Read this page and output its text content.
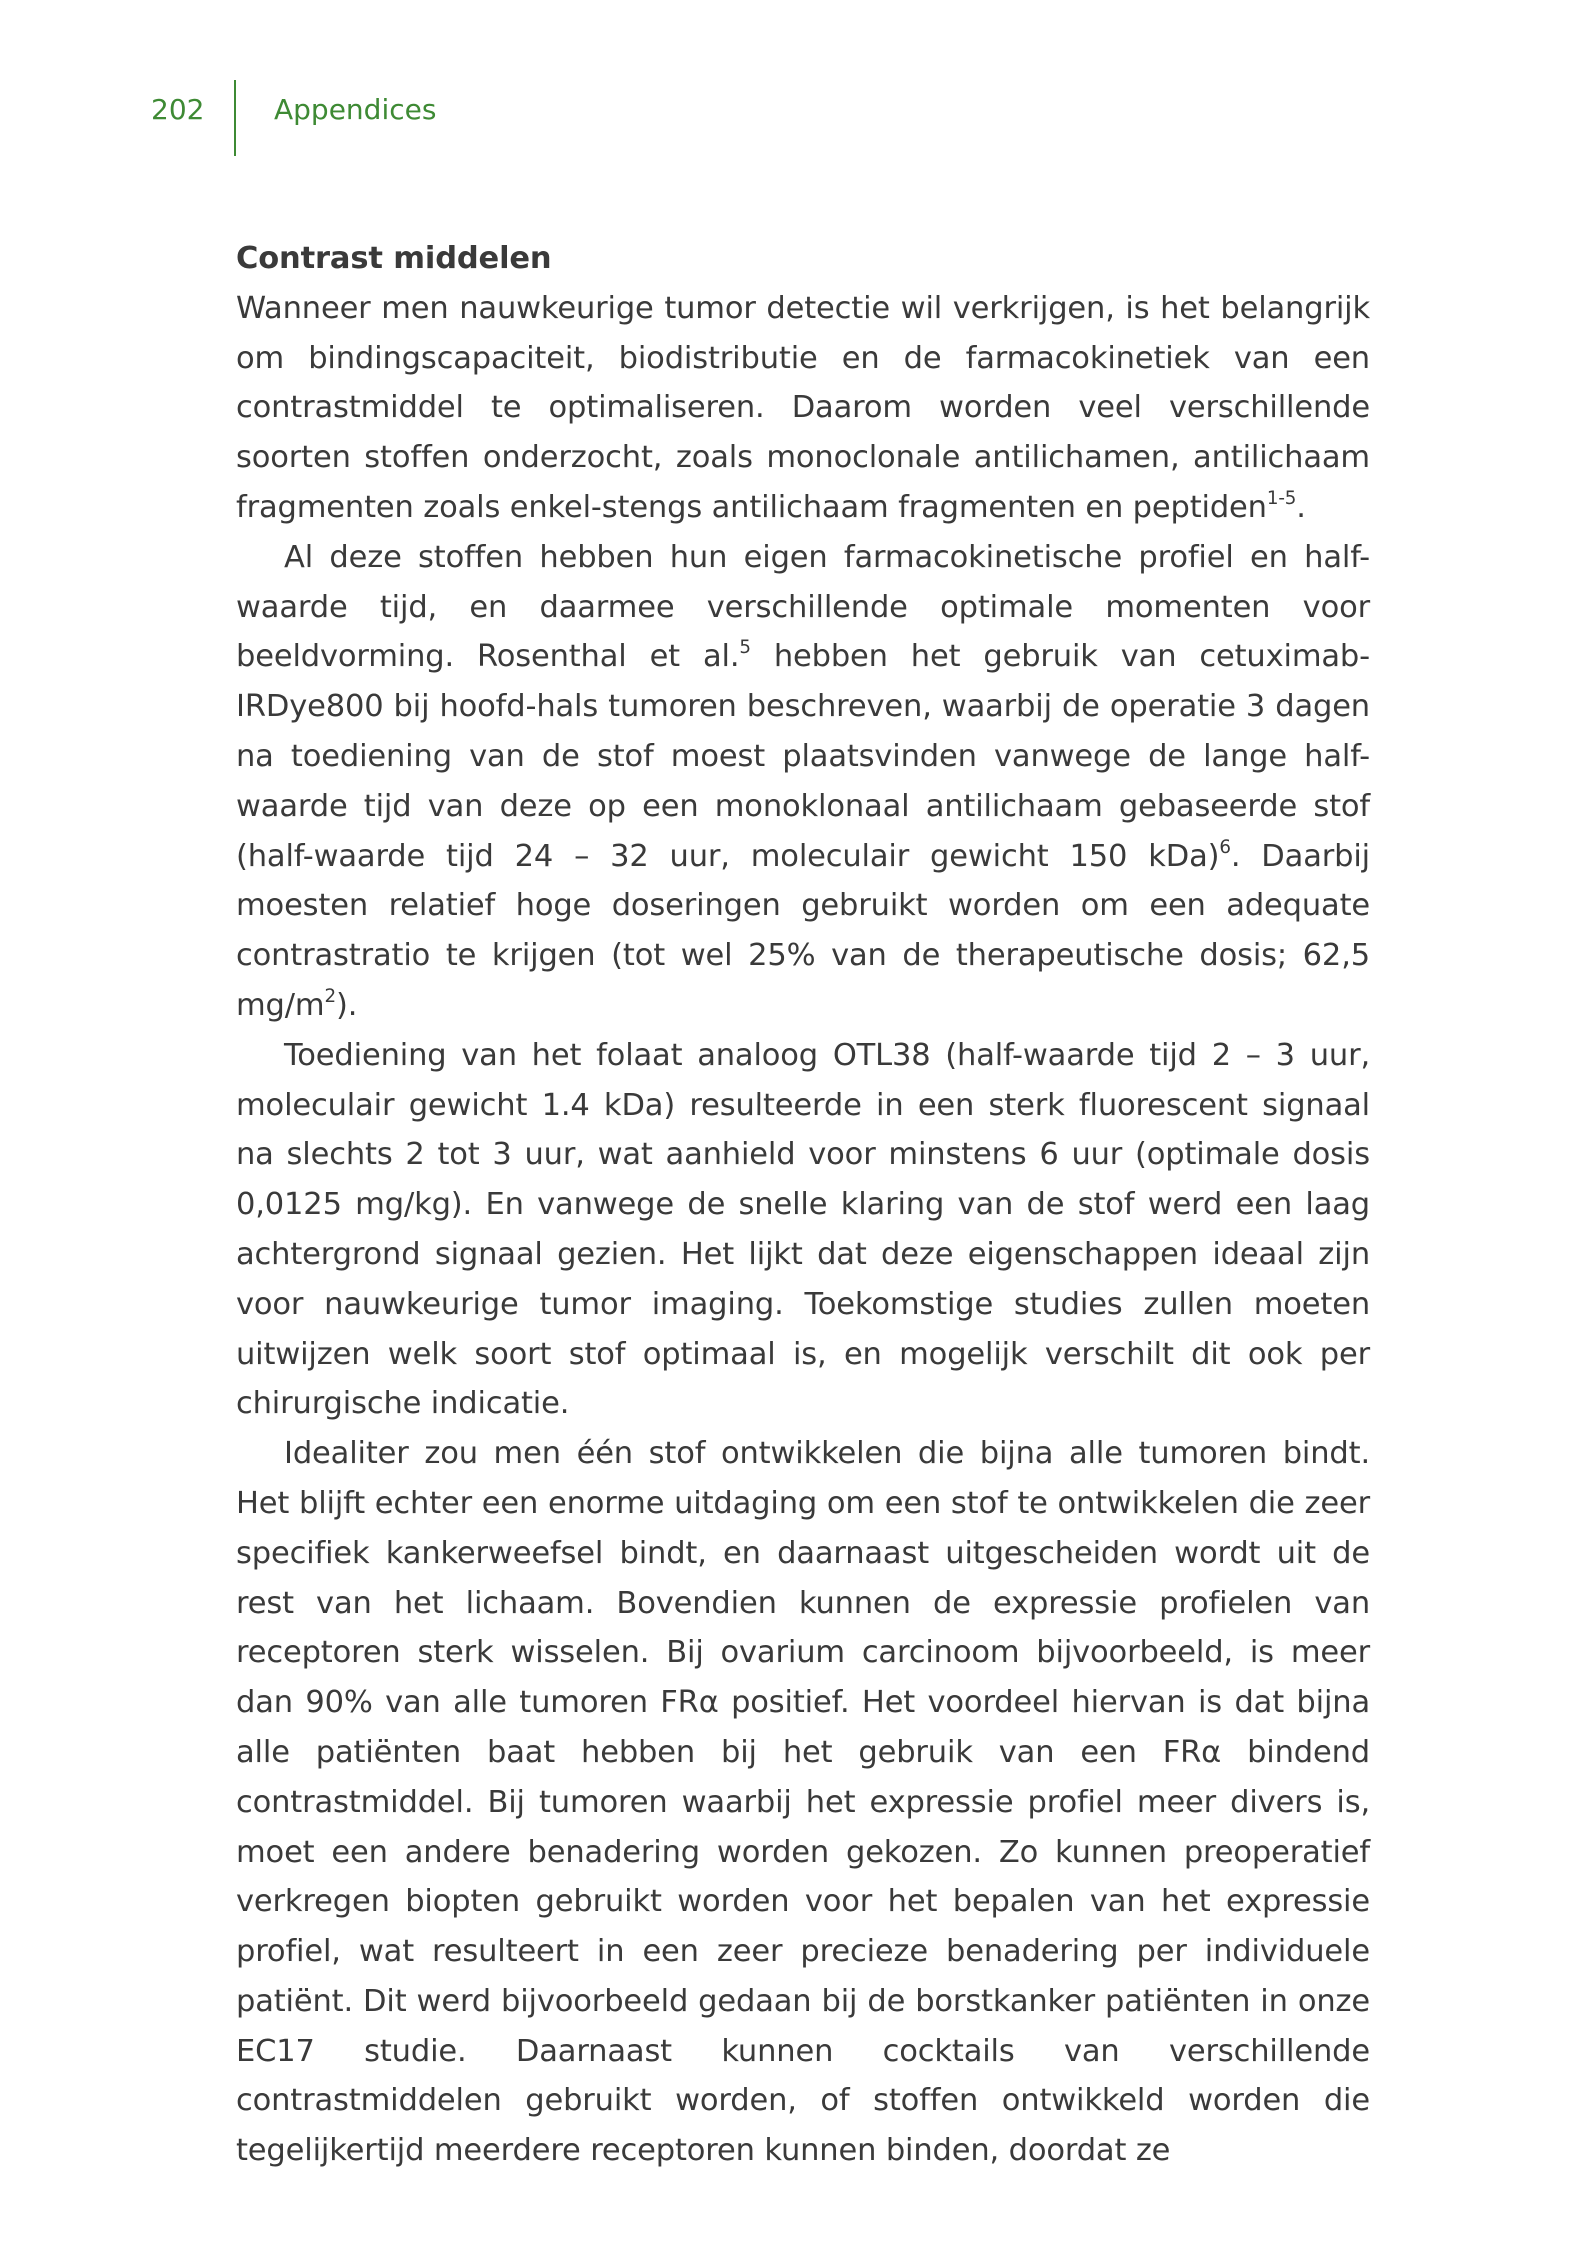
202 Appendices

Contrast middelen

Wanneer men nauwkeurige tumor detectie wil verkrijgen, is het belangrijk om bindingscapaciteit, biodistributie en de farmacokinetiek van een contrastmiddel te optimaliseren. Daarom worden veel verschillende soorten stoffen onderzocht, zoals monoclonale antilichamen, antilichaam fragmenten zoals enkel-stengs antilichaam fragmenten en peptiden$^{1-5}$.

Al deze stoffen hebben hun eigen farmacokinetische profiel en half-waarde tijd, en daarmee verschillende optimale momenten voor beeldvorming. Rosenthal et al.$^5$ hebben het gebruik van cetuximab-IRDye800 bij hoofd-hals tumoren beschreven, waarbij de operatie 3 dagen na toediening van de stof moest plaatsvinden vanwege de lange half-waarde tijd van deze op een monoklonaal antilichaam gebaseerde stof (half-waarde tijd 24 – 32 uur, moleculair gewicht 150 kDa)$^6$. Daarbij moesten relatief hoge doseringen gebruikt worden om een adequate contrastratio te krijgen (tot wel 25% van de therapeutische dosis; 62,5 $mg/m^2$).

Toediening van het folaat analoog OTL38 (half-waarde tijd 2 – 3 uur, moleculair gewicht 1.4 kDa) resulteerde in een sterk fluorescent signaal na slechts 2 tot 3 uur, wat aanhield voor minstens 6 uur (optimale dosis 0,0125 mg/kg). En vanwege de snelle klaring van de stof werd een laag achtergrond signaal gezien. Het lijkt dat deze eigenschappen ideaal zijn voor nauwkeurige tumor imaging. Toekomstige studies zullen moeten uitwijzen welk soort stof optimaal is, en mogelijk verschilt dit ook per chirurgische indicatie.

Idealiter zou men één stof ontwikkelen die bijna alle tumoren bindt. Het blijft echter een enorme uitdaging om een stof te ontwikkelen die zeer specifiek kankerweefsel bindt, en daarnaast uitgescheiden wordt uit de rest van het lichaam. Bovendien kunnen de expressie profielen van receptoren sterk wisselen. Bij ovarium carcinoom bijvoorbeeld, is meer dan 90% van alle tumoren FRα positief. Het voordeel hiervan is dat bijna alle patiënten baat hebben bij het gebruik van een FRα bindend contrastmiddel. Bij tumoren waarbij het expressie profiel meer divers is, moet een andere benadering worden gekozen. Zo kunnen preoperatief verkregen biopten gebruikt worden voor het bepalen van het expressie profiel, wat resulteert in een zeer precieze benadering per individuele patiënt. Dit werd bijvoorbeeld gedaan bij de borstkanker patiënten in onze EC17 studie. Daarnaast kunnen cocktails van verschillende contrastmiddelen gebruikt worden, of stoffen ontwikkeld worden die tegelijkertijd meerdere receptoren kunnen binden, doordat ze
